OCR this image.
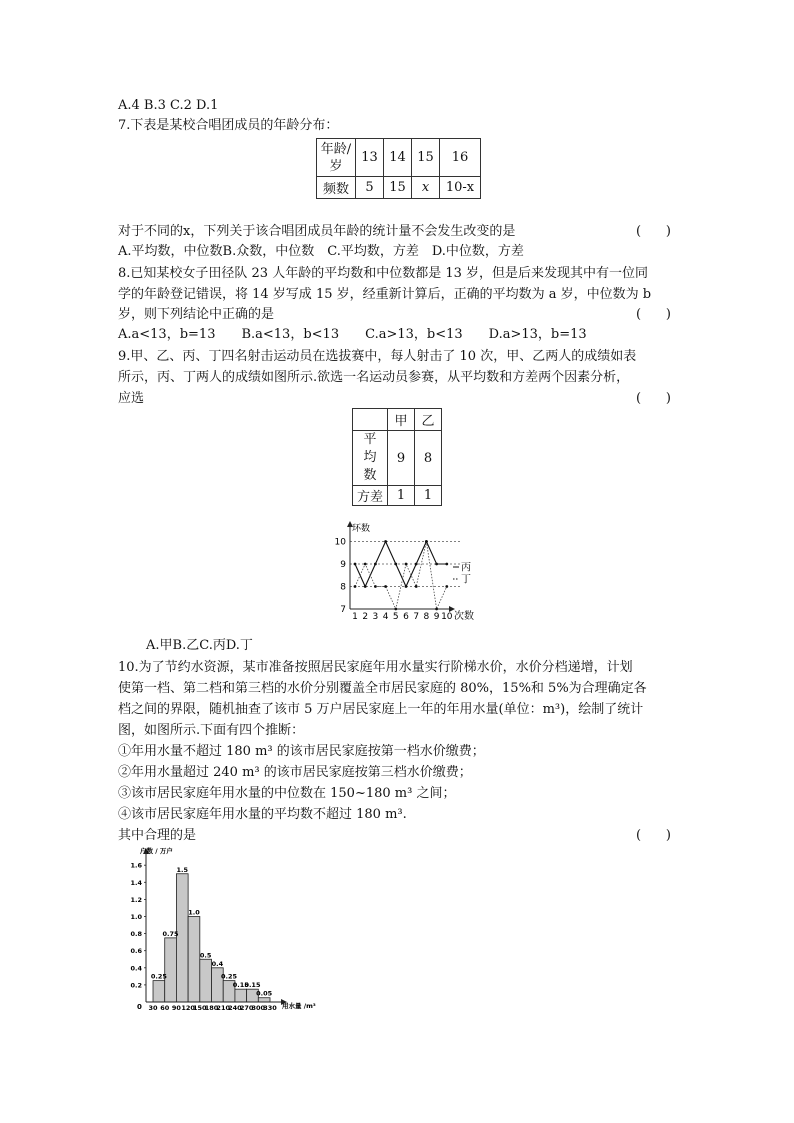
A.4 B.3 C.2 D.1
7.下表是某校合唱团成员的年龄分布：
年龄/岁	13	14	15	16
频数	5	15	x	10-x
对于不同的x，下列关于该合唱团成员年龄的统计量不会发生改变的是	(      )
A.平均数，中位数B.众数，中位数　C.平均数，方差　D.中位数，方差
8.已知某校女子田径队 23 人年龄的平均数和中位数都是 13 岁，但是后来发现其中有一位同
学的年龄登记错误，将 14 岁写成 15 岁，经重新计算后，正确的平均数为 a 岁，中位数为 b
岁，则下列结论中正确的是	(      )
A.a<13，b=13　　B.a<13，b<13　　C.a>13，b<13　　D.a>13，b=13
9.甲、乙、丙、丁四名射击运动员在选拔赛中，每人射击了 10 次，甲、乙两人的成绩如表
所示，丙、丁两人的成绩如图所示.欲选一名运动员参赛，从平均数和方差两个因素分析，
应选	(      )
	甲	乙
平均数	9	8
方差	1	1
7
8
9
10
1 2 3 4 5 6 7 8 9 10
环数
次数
丙
丁
A.甲B.乙C.丙D.丁
10.为了节约水资源，某市准备按照居民家庭年用水量实行阶梯水价，水价分档递增，计划
使第一档、第二档和第三档的水价分别覆盖全市居民家庭的 80%，15%和 5%为合理确定各
档之间的界限，随机抽查了该市 5 万户居民家庭上一年的年用水量(单位：m³)，绘制了统计
图，如图所示.下面有四个推断：
①年用水量不超过 180 m³ 的该市居民家庭按第一档水价缴费；
②年用水量超过 240 m³ 的该市居民家庭按第三档水价缴费；
③该市居民家庭年用水量的中位数在 150~180 m³ 之间；
④该市居民家庭年用水量的平均数不超过 180 m³.
其中合理的是	(      )
0.25
0.75
1.5
1.0
0.5
0.4
0.25
0.15
0.15
0.05
0.2
0.4
0.6
0.8
1.0
1.2
1.4
1.6
30 60 90 120
150
180
210
240
270
300
330
0
户数 / 万户
用水量 /m³
